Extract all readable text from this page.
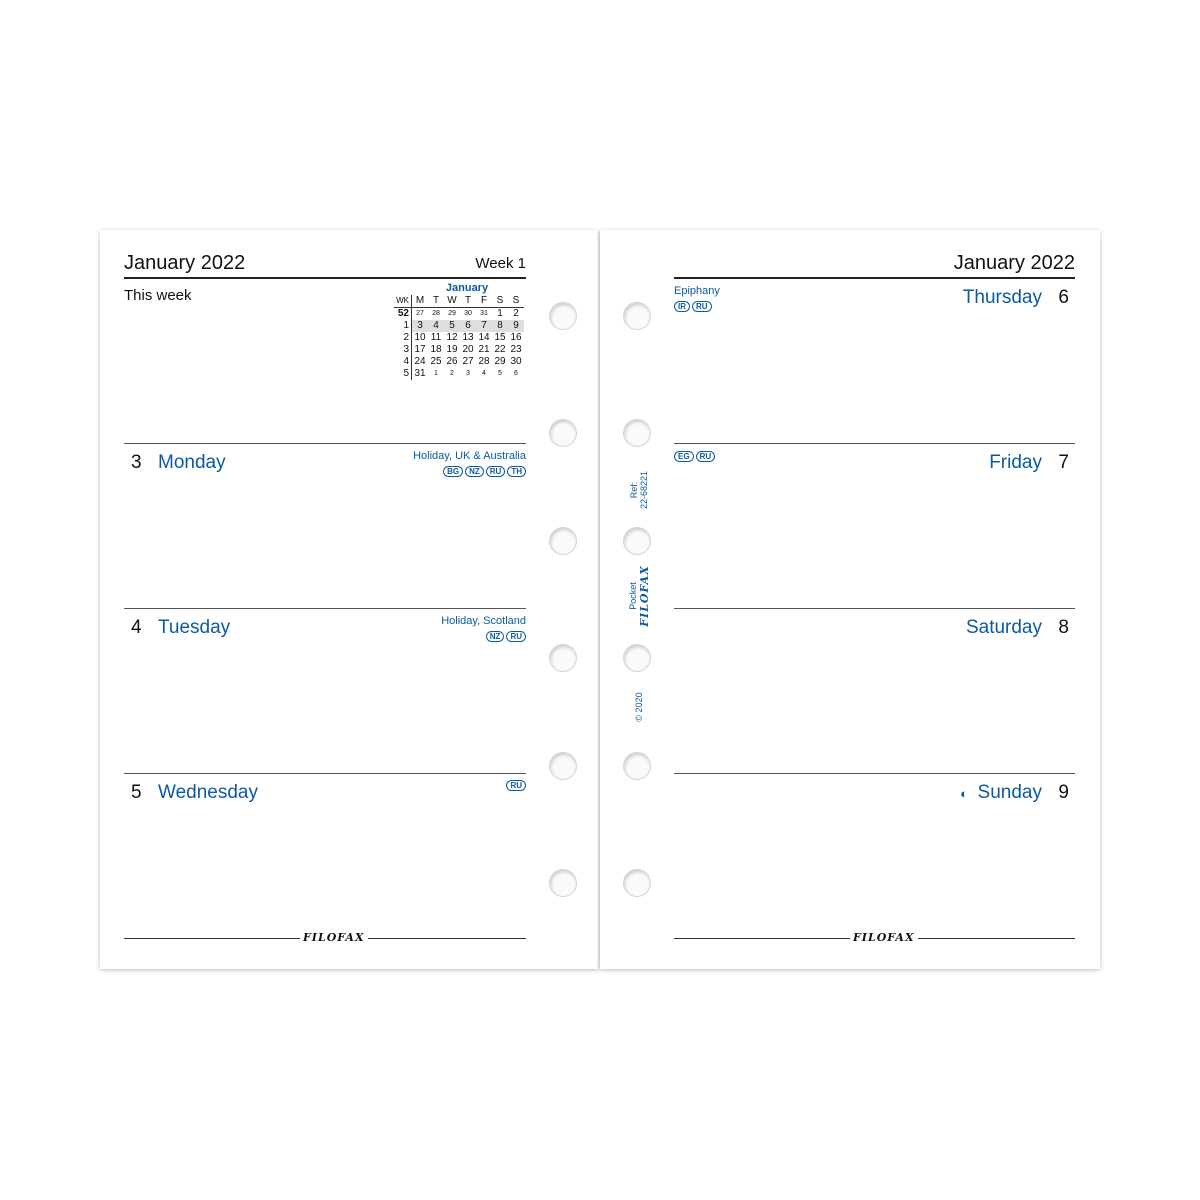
January 2022	Week 1
This week	January
WK	M	T	W	T	F	S	S
52	27	28	29	30	31	1	2
1	3	4	5	6	7	8	9
2	10	11	12	13	14	15	16
3	17	18	19	20	21	22	23
4	24	25	26	27	28	29	30
5	31	1	2	3	4	5	6
3 Monday	Holiday, UK & Australia
BG	NZ	RU	TH
4 Tuesday	Holiday, Scotland
NZ	RU
5 Wednesday	RU
FILOFAX
January 2022
Epiphany
IR	RU	Thursday 6
EG	RU	Friday 7
Saturday 8
◐ Sunday 9
FILOFAX
Ref: 22-68221
Pocket FILOFAX
© 2020
